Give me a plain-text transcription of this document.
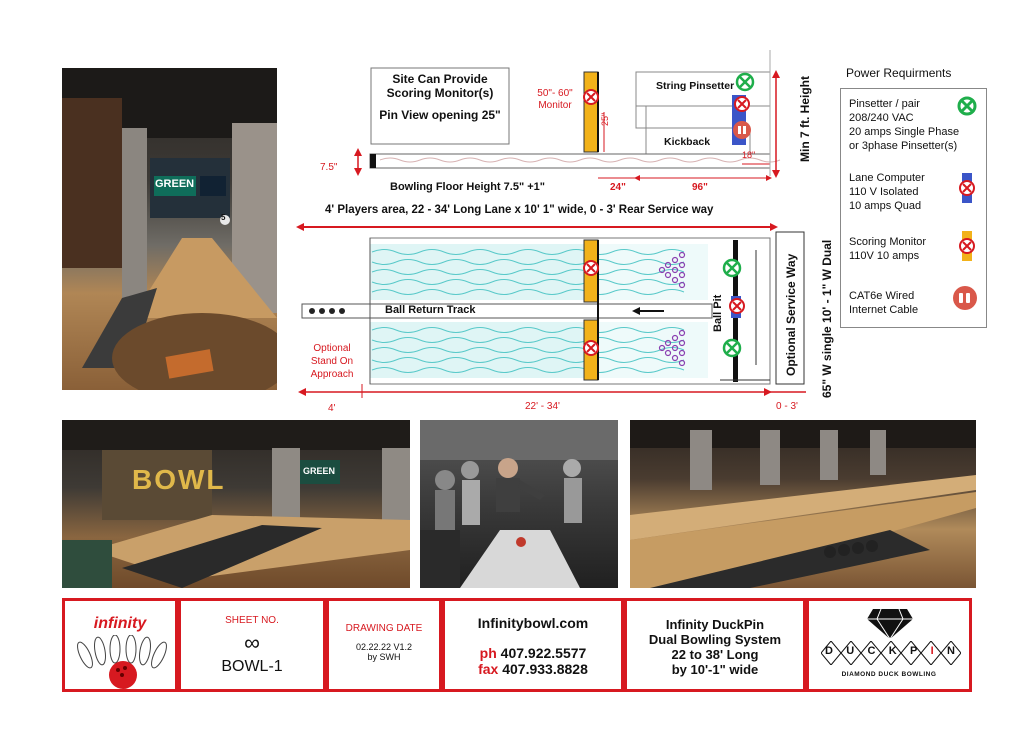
GREEN
5
Site Can Provide
Scoring Monitor(s)
Pin View opening 25"
50"- 60"
Monitor
25"
String Pinsetter
Kickback
18"
7.5"
Bowling Floor Height 7.5" +1"	24"	96"
Min 7 ft. Height
4' Players area, 22 - 34' Long Lane x 10' 1" wide, 0 - 3' Rear Service way
Ball Return Track	Ball Pit	Optional Service Way 65" W single 10' - 1" W Dual
Optional
Stand On
Approach
4'	22' - 34'	0 - 3'
Power Requirments
Pinsetter / pair
208/240 VAC
20 amps Single Phase
or 3phase Pinsetter(s)
Lane Computer
110 V Isolated
10 amps Quad
Scoring Monitor
110V 10 amps
CAT6e Wired
Internet Cable
BOWL	GREEN
infinity	SHEET NO.
∞
BOWL-1
DRAWING DATE
02.22.22 V1.2
by SWH
Infinitybowl.com
ph 407.922.5577
fax 407.933.8828
Infinity DuckPin
Dual Bowling System
22 to 38' Long
by 10'-1" wide
D U C K P I N
DIAMOND DUCK BOWLING
